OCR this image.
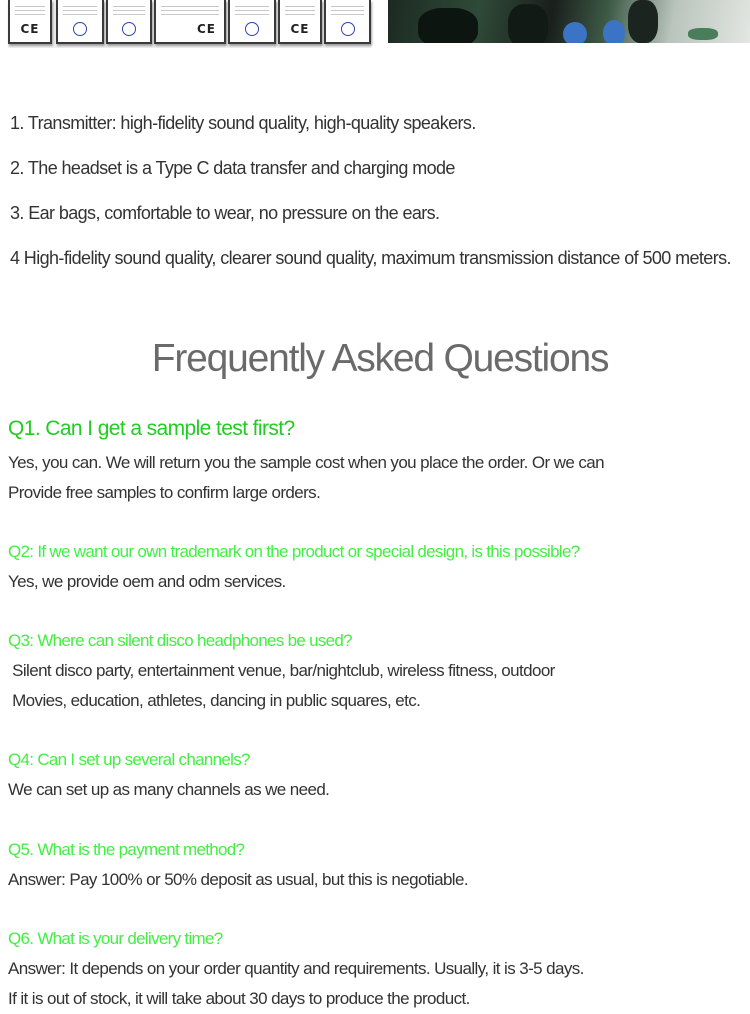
CE	CE	CE
1. Transmitter: high-fidelity sound quality, high-quality speakers.
2. The headset is a Type C data transfer and charging mode
3. Ear bags, comfortable to wear, no pressure on the ears.
4 High-fidelity sound quality, clearer sound quality, maximum transmission distance of 500 meters.
Frequently Asked Questions
Q1. Can I get a sample test first?
Yes, you can. We will return you the sample cost when you place the order. Or we can
Provide free samples to confirm large orders.
Q2: If we want our own trademark on the product or special design, is this possible?
Yes, we provide oem and odm services.
Q3: Where can silent disco headphones be used?
Silent disco party, entertainment venue, bar/nightclub, wireless fitness, outdoor
Movies, education, athletes, dancing in public squares, etc.
Q4: Can I set up several channels?
We can set up as many channels as we need.
Q5. What is the payment method?
Answer: Pay 100% or 50% deposit as usual, but this is negotiable.
Q6. What is your delivery time?
Answer: It depends on your order quantity and requirements. Usually, it is 3-5 days.
If it is out of stock, it will take about 30 days to produce the product.
